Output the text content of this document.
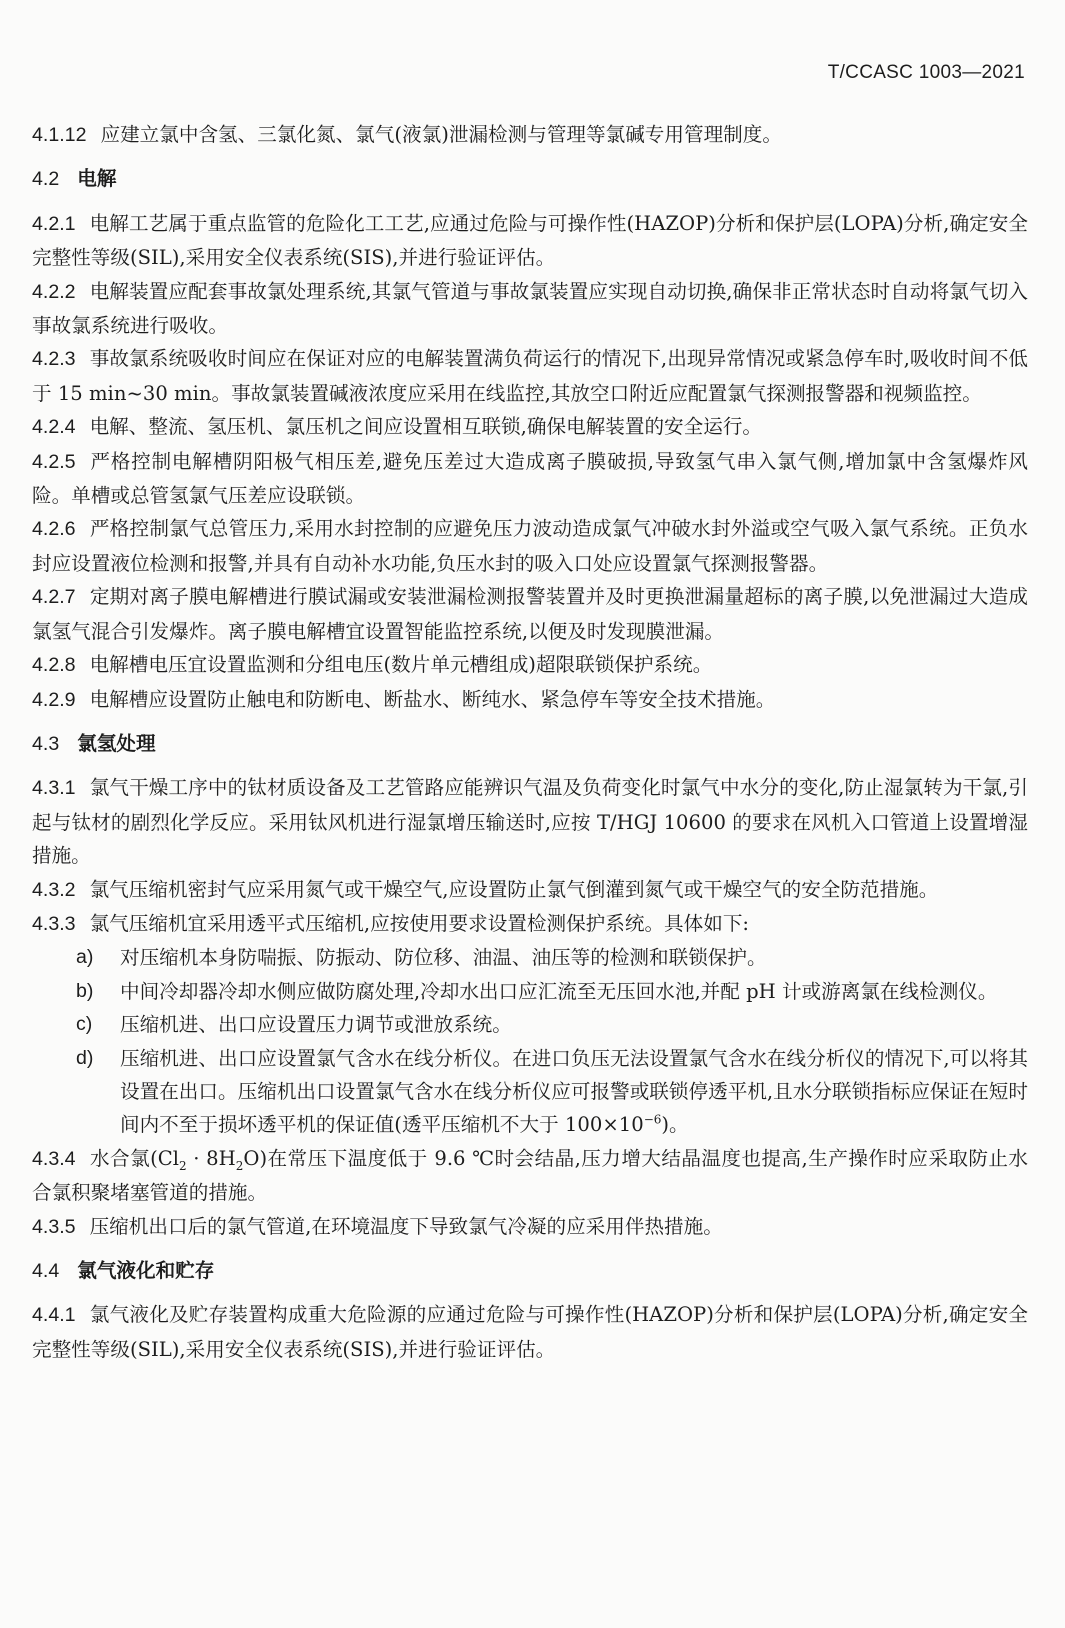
T/CCASC 1003—2021

4.1.12 应建立氯中含氢、三氯化氮、氯气(液氯)泄漏检测与管理等氯碱专用管理制度。

4.2 电解

4.2.1 电解工艺属于重点监管的危险化工工艺,应通过危险与可操作性(HAZOP)分析和保护层(LOPA)分析,确定安全完整性等级(SIL),采用安全仪表系统(SIS),并进行验证评估。

4.2.2 电解装置应配套事故氯处理系统,其氯气管道与事故氯装置应实现自动切换,确保非正常状态时自动将氯气切入事故氯系统进行吸收。

4.2.3 事故氯系统吸收时间应在保证对应的电解装置满负荷运行的情况下,出现异常情况或紧急停车时,吸收时间不低于 15 min~30 min。事故氯装置碱液浓度应采用在线监控,其放空口附近应配置氯气探测报警器和视频监控。

4.2.4 电解、整流、氢压机、氯压机之间应设置相互联锁,确保电解装置的安全运行。

4.2.5 严格控制电解槽阴阳极气相压差,避免压差过大造成离子膜破损,导致氢气串入氯气侧,增加氯中含氢爆炸风险。单槽或总管氢氯气压差应设联锁。

4.2.6 严格控制氯气总管压力,采用水封控制的应避免压力波动造成氯气冲破水封外溢或空气吸入氯气系统。正负水封应设置液位检测和报警,并具有自动补水功能,负压水封的吸入口处应设置氯气探测报警器。

4.2.7 定期对离子膜电解槽进行膜试漏或安装泄漏检测报警装置并及时更换泄漏量超标的离子膜,以免泄漏过大造成氯氢气混合引发爆炸。离子膜电解槽宜设置智能监控系统,以便及时发现膜泄漏。

4.2.8 电解槽电压宜设置监测和分组电压(数片单元槽组成)超限联锁保护系统。

4.2.9 电解槽应设置防止触电和防断电、断盐水、断纯水、紧急停车等安全技术措施。

4.3 氯氢处理

4.3.1 氯气干燥工序中的钛材质设备及工艺管路应能辨识气温及负荷变化时氯气中水分的变化,防止湿氯转为干氯,引起与钛材的剧烈化学反应。采用钛风机进行湿氯增压输送时,应按 T/HGJ 10600 的要求在风机入口管道上设置增湿措施。

4.3.2 氯气压缩机密封气应采用氮气或干燥空气,应设置防止氯气倒灌到氮气或干燥空气的安全防范措施。

4.3.3 氯气压缩机宜采用透平式压缩机,应按使用要求设置检测保护系统。具体如下:

a) 对压缩机本身防喘振、防振动、防位移、油温、油压等的检测和联锁保护。

b) 中间冷却器冷却水侧应做防腐处理,冷却水出口应汇流至无压回水池,并配 pH 计或游离氯在线检测仪。

c) 压缩机进、出口应设置压力调节或泄放系统。

d) 压缩机进、出口应设置氯气含水在线分析仪。在进口负压无法设置氯气含水在线分析仪的情况下,可以将其设置在出口。压缩机出口设置氯气含水在线分析仪应可报警或联锁停透平机,且水分联锁指标应保证在短时间内不至于损坏透平机的保证值(透平压缩机不大于 $100\times 10^{-6}$)。

4.3.4 水合氯$(Cl_2 \cdot 8H_2O)$在常压下温度低于 9.6 ℃时会结晶,压力增大结晶温度也提高,生产操作时应采取防止水合氯积聚堵塞管道的措施。

4.3.5 压缩机出口后的氯气管道,在环境温度下导致氯气冷凝的应采用伴热措施。

4.4 氯气液化和贮存

4.4.1 氯气液化及贮存装置构成重大危险源的应通过危险与可操作性(HAZOP)分析和保护层(LOPA)分析,确定安全完整性等级(SIL),采用安全仪表系统(SIS),并进行验证评估。
